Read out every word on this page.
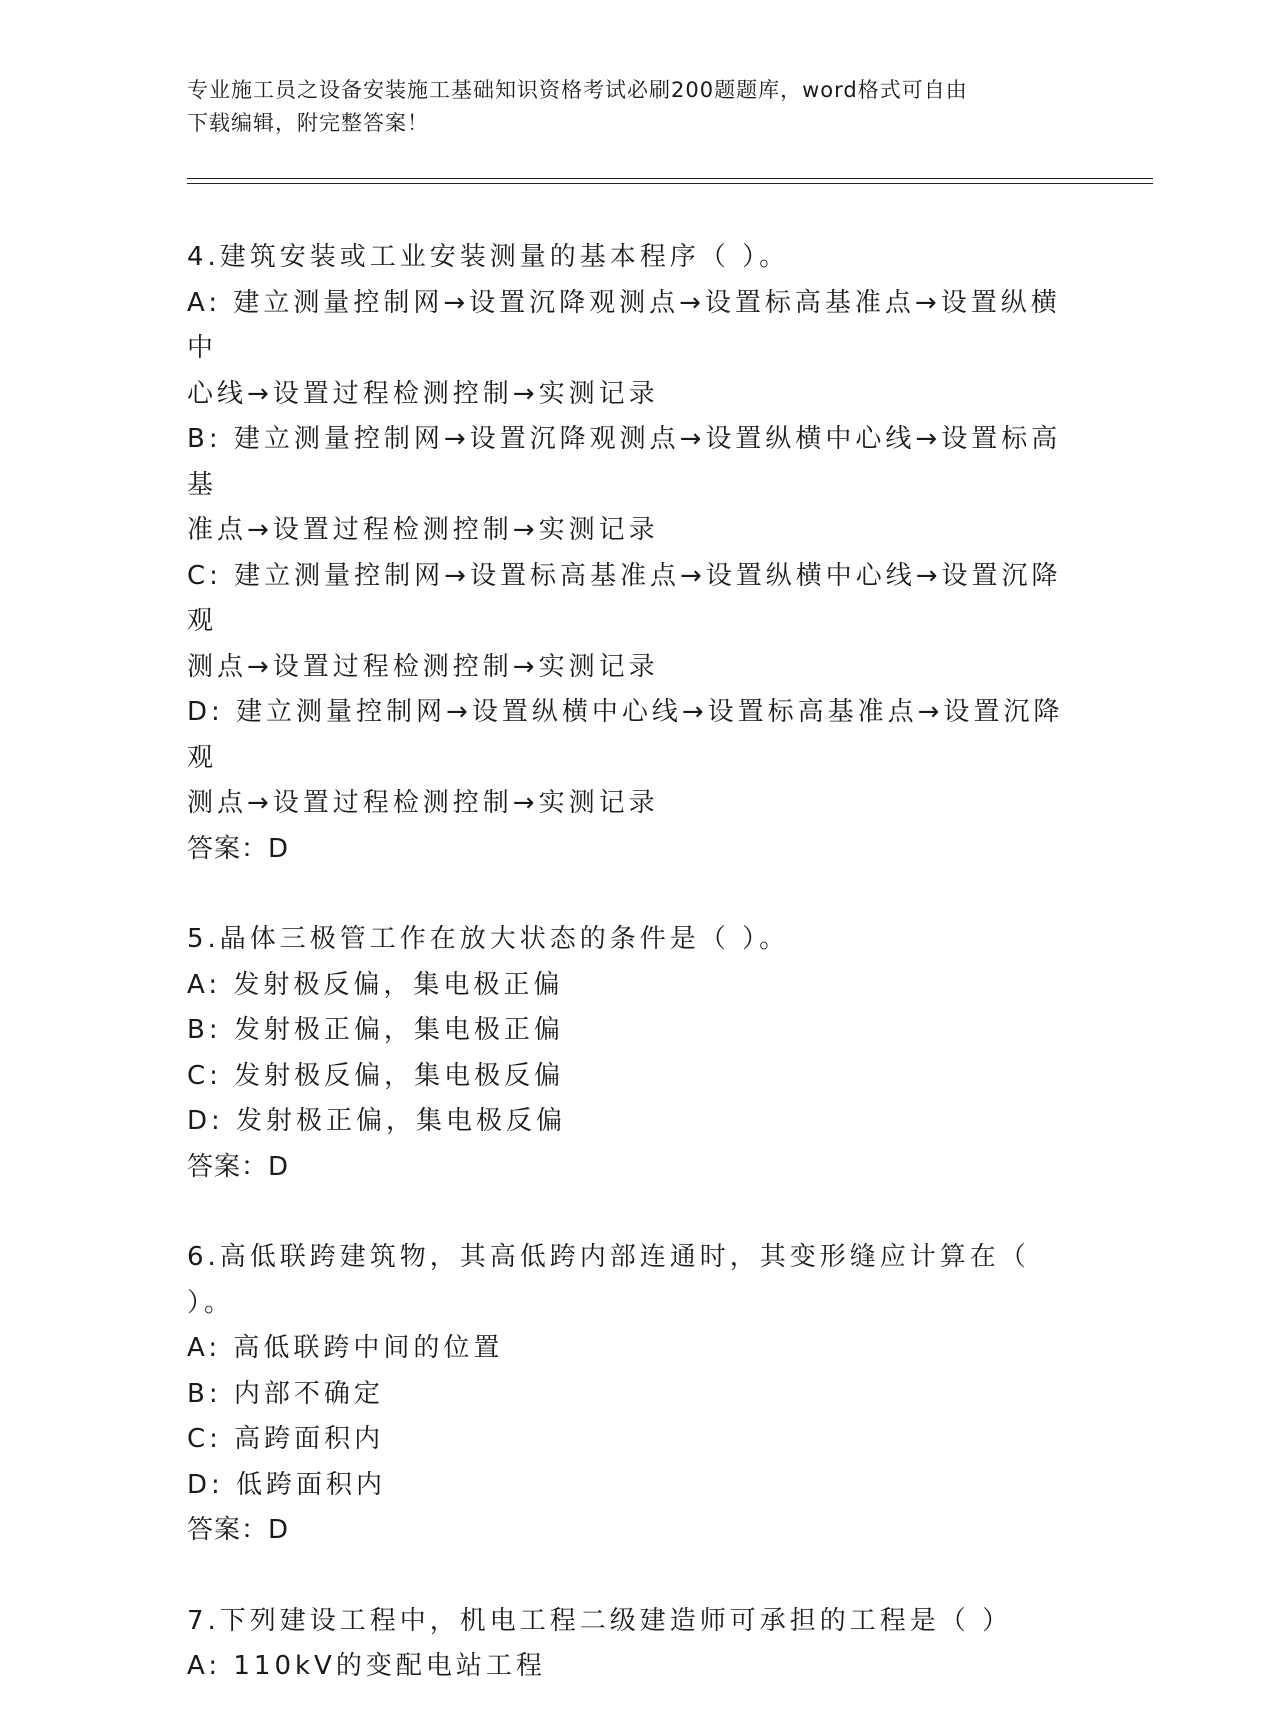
专业施工员之设备安装施工基础知识资格考试必刷200题题库，word格式可自由
下载编辑，附完整答案！
4.建筑安装或工业安装测量的基本程序（ ）。
A: 建立测量控制网→设置沉降观测点→设置标高基准点→设置纵横中
心线→设置过程检测控制→实测记录
B: 建立测量控制网→设置沉降观测点→设置纵横中心线→设置标高基
准点→设置过程检测控制→实测记录
C: 建立测量控制网→设置标高基准点→设置纵横中心线→设置沉降观
测点→设置过程检测控制→实测记录
D: 建立测量控制网→设置纵横中心线→设置标高基准点→设置沉降观
测点→设置过程检测控制→实测记录
答案：D
5.晶体三极管工作在放大状态的条件是（ ）。
A: 发射极反偏，集电极正偏
B: 发射极正偏，集电极正偏
C: 发射极反偏，集电极反偏
D: 发射极正偏，集电极反偏
答案：D
6.高低联跨建筑物，其高低跨内部连通时，其变形缝应计算在（ ）。
A: 高低联跨中间的位置
B: 内部不确定
C: 高跨面积内
D: 低跨面积内
答案：D
7.下列建设工程中，机电工程二级建造师可承担的工程是（ ）
A: 110kV的变配电站工程
